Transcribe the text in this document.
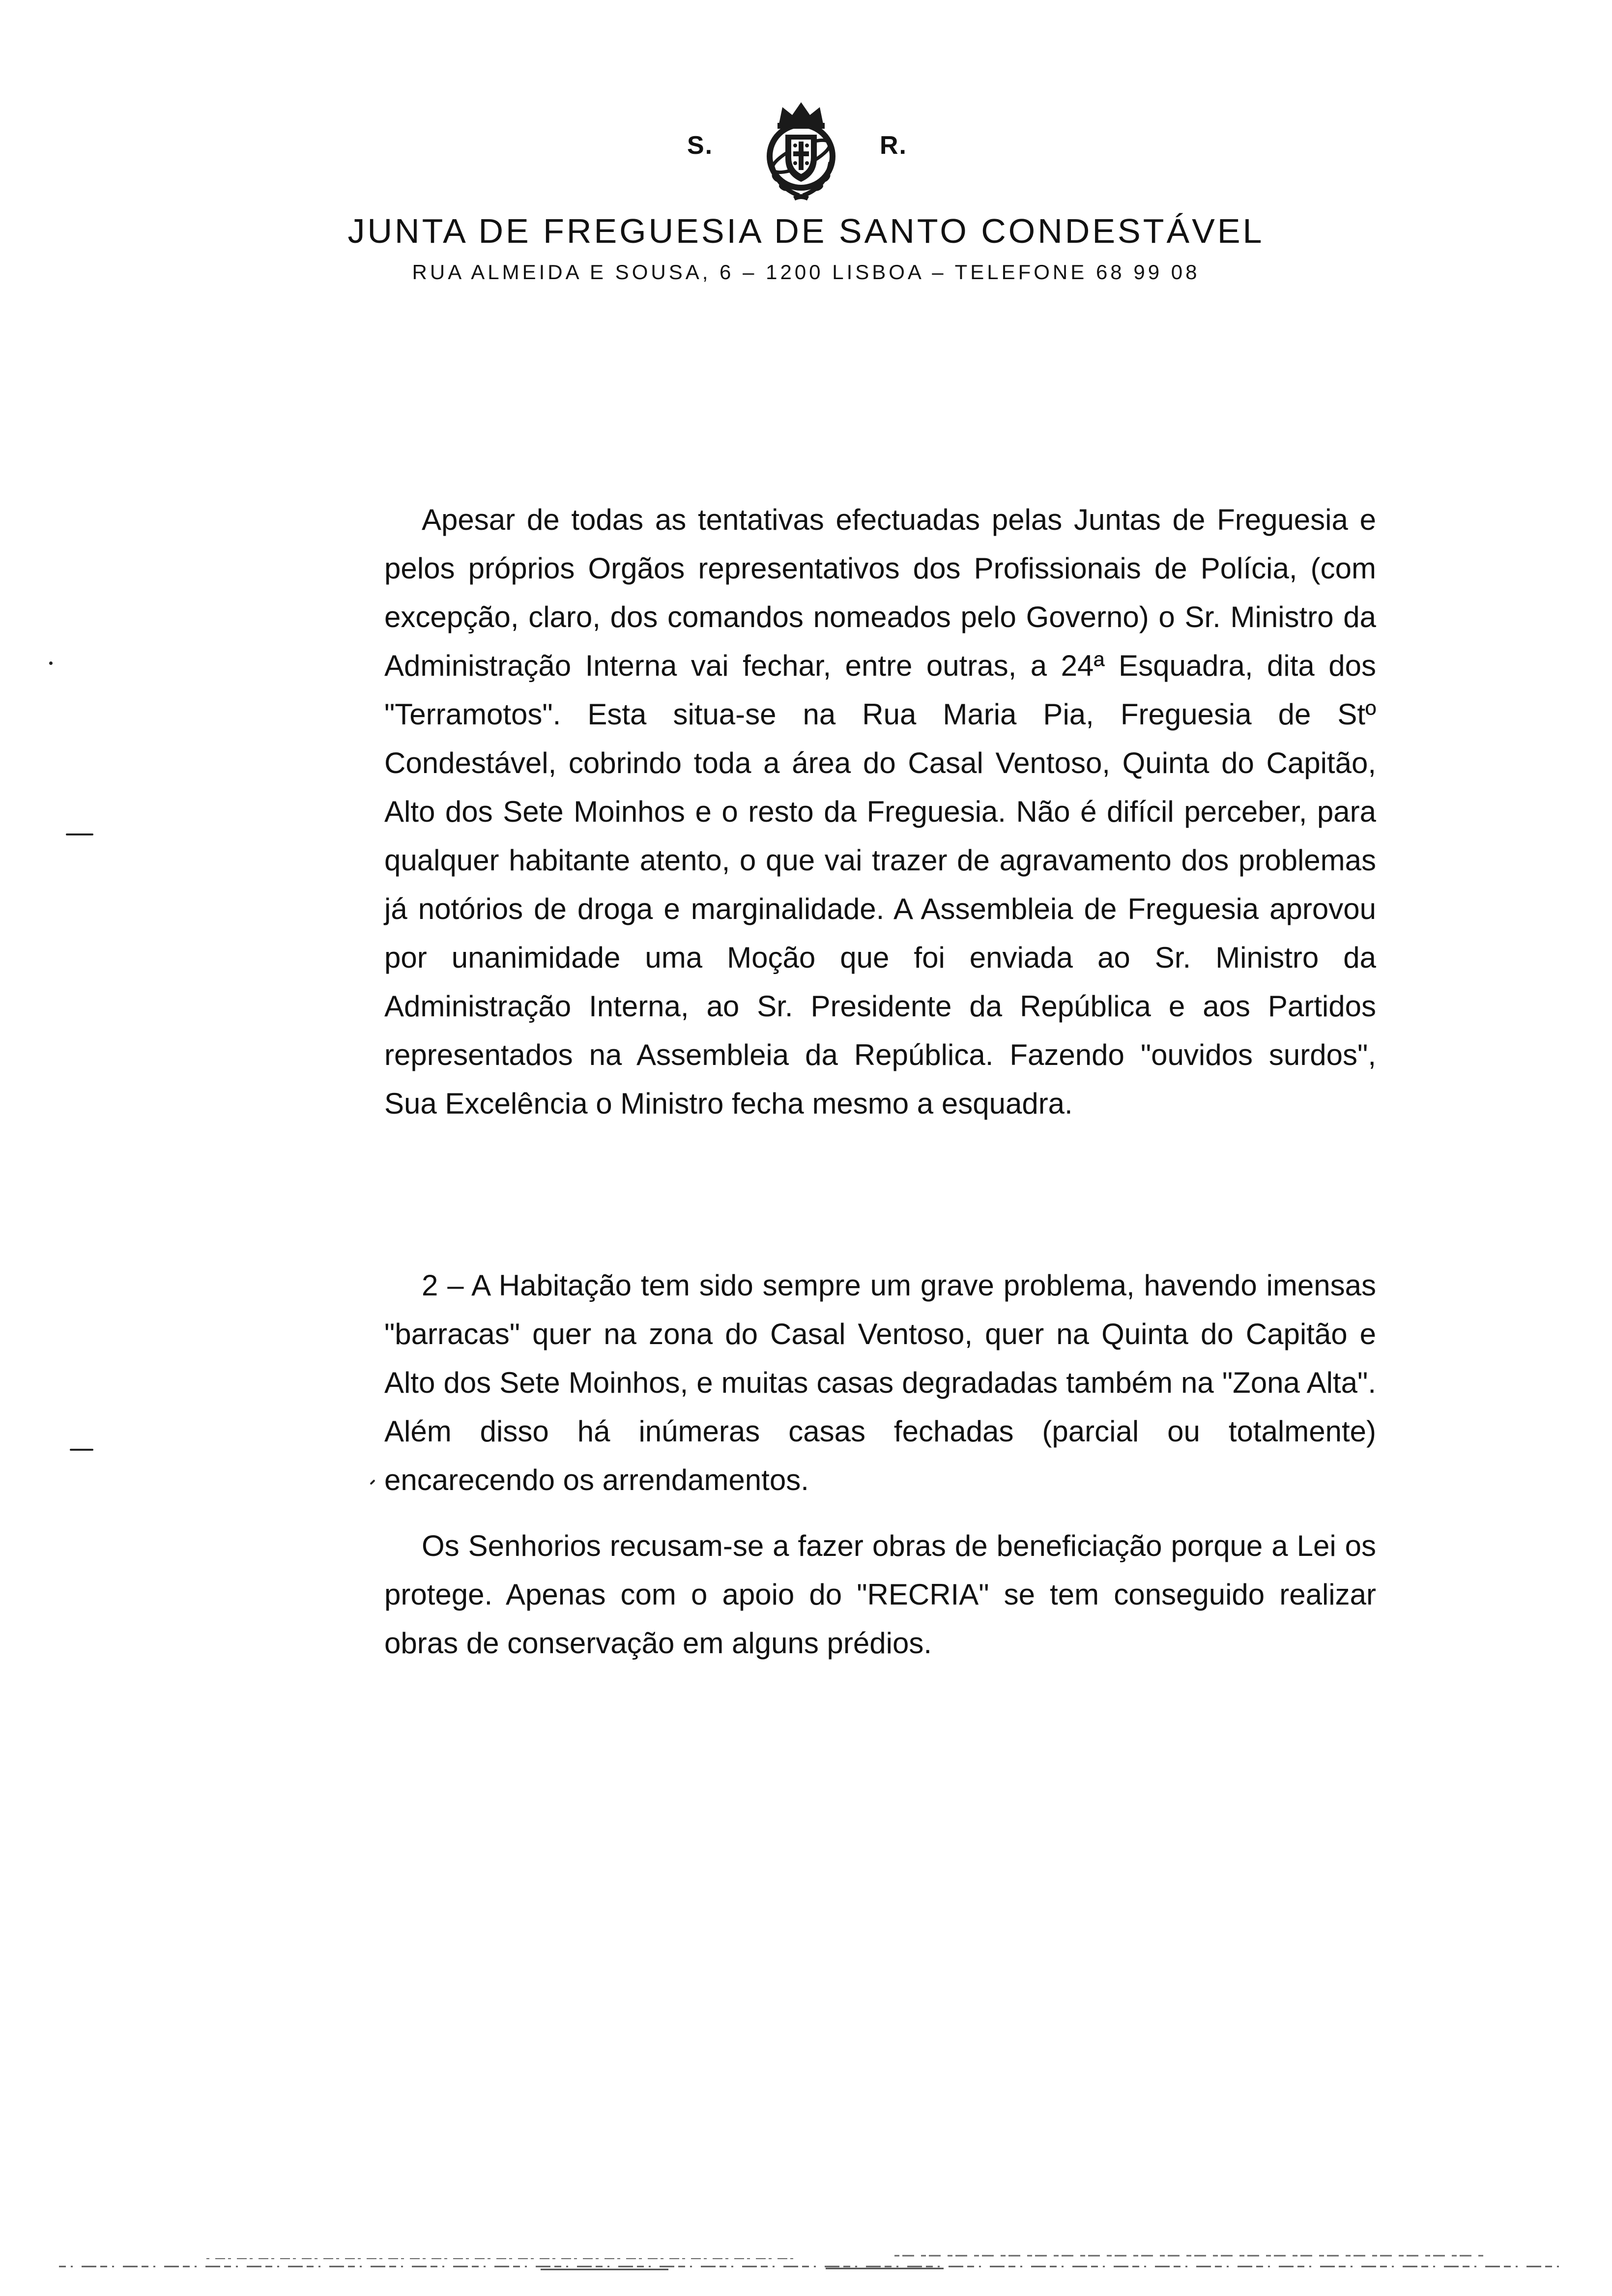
S.	R.
JUNTA DE FREGUESIA DE SANTO CONDESTÁVEL
RUA ALMEIDA E SOUSA, 6 – 1200 LISBOA – TELEFONE 68 99 08

Apesar de todas as tentativas efectuadas pelas Juntas de Freguesia e pelos próprios Orgãos representativos dos Profissionais de Polícia, (com excepção, claro, dos comandos nomeados pelo Governo) o Sr. Ministro da Administração Interna vai fechar, entre outras, a 24ª Esquadra, dita dos "Terramotos". Esta situa-se na Rua Maria Pia, Freguesia de Stº Condestável, cobrindo toda a área do Casal Ventoso, Quinta do Capitão, Alto dos Sete Moinhos e o resto da Freguesia. Não é difícil perceber, para qualquer habitante atento, o que vai trazer de agravamento dos problemas já notórios de droga e marginalidade. A Assembleia de Freguesia aprovou por unanimidade uma Moção que foi enviada ao Sr. Ministro da Administração Interna, ao Sr. Presidente da República e aos Partidos representados na Assembleia da República. Fazendo "ouvidos surdos", Sua Excelência o Ministro fecha mesmo a esquadra.

2 – A Habitação tem sido sempre um grave problema, havendo imensas "barracas" quer na zona do Casal Ventoso, quer na Quinta do Capitão e Alto dos Sete Moinhos, e muitas casas degradadas também na "Zona Alta". Além disso há inúmeras casas fechadas (parcial ou totalmente) encarecendo os arrendamentos.

Os Senhorios recusam-se a fazer obras de beneficiação porque a Lei os protege. Apenas com o apoio do "RECRIA" se tem conseguido realizar obras de conservação em alguns prédios.
